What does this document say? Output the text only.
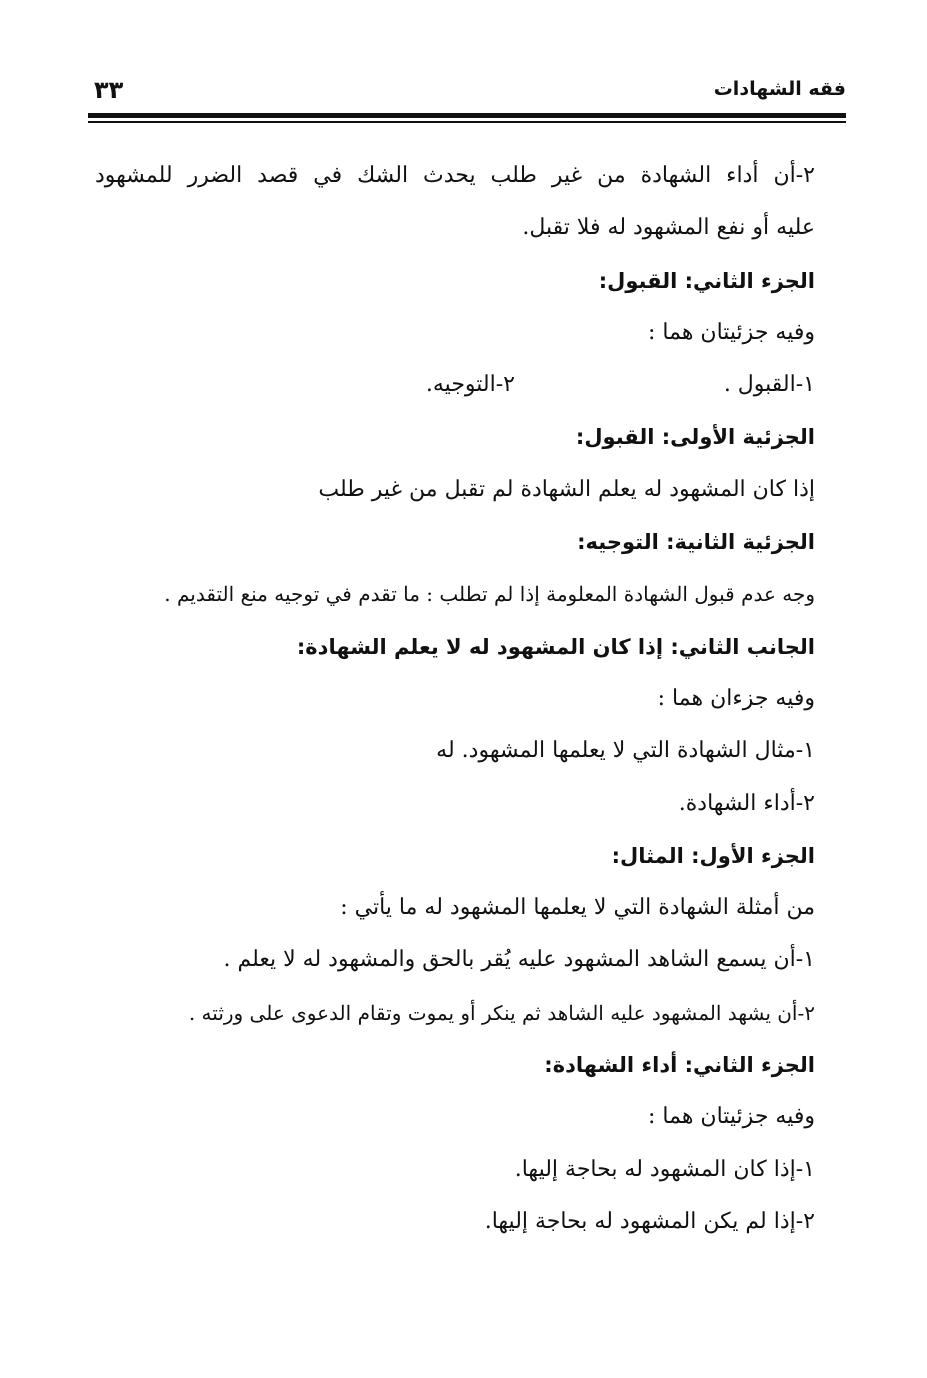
فقه الشهادات
٣٣
٢-أن أداء الشهادة من غير طلب يحدث الشك في قصد الضرر للمشهود
عليه أو نفع المشهود له فلا تقبل.
الجزء الثاني: القبول:
وفيه جزئيتان هما :
١-القبول .
٢-التوجيه.
الجزئية الأولى: القبول:
إذا كان المشهود له يعلم الشهادة لم تقبل من غير طلب
الجزئية الثانية: التوجيه:
وجه عدم قبول الشهادة المعلومة إذا لم تطلب : ما تقدم في توجيه منع التقديم .
الجانب الثاني: إذا كان المشهود له لا يعلم الشهادة:
وفيه جزءان هما :
١-مثال الشهادة التي لا يعلمها المشهود. له
٢-أداء الشهادة.
الجزء الأول: المثال:
من أمثلة الشهادة التي لا يعلمها المشهود له ما يأتي :
١-أن يسمع الشاهد المشهود عليه يُقر بالحق والمشهود له لا يعلم .
٢-أن يشهد المشهود عليه الشاهد ثم ينكر أو يموت وتقام الدعوى على ورثته .
الجزء الثاني: أداء الشهادة:
وفيه جزئيتان هما :
١-إذا كان المشهود له بحاجة إليها.
٢-إذا لم يكن المشهود له بحاجة إليها.
